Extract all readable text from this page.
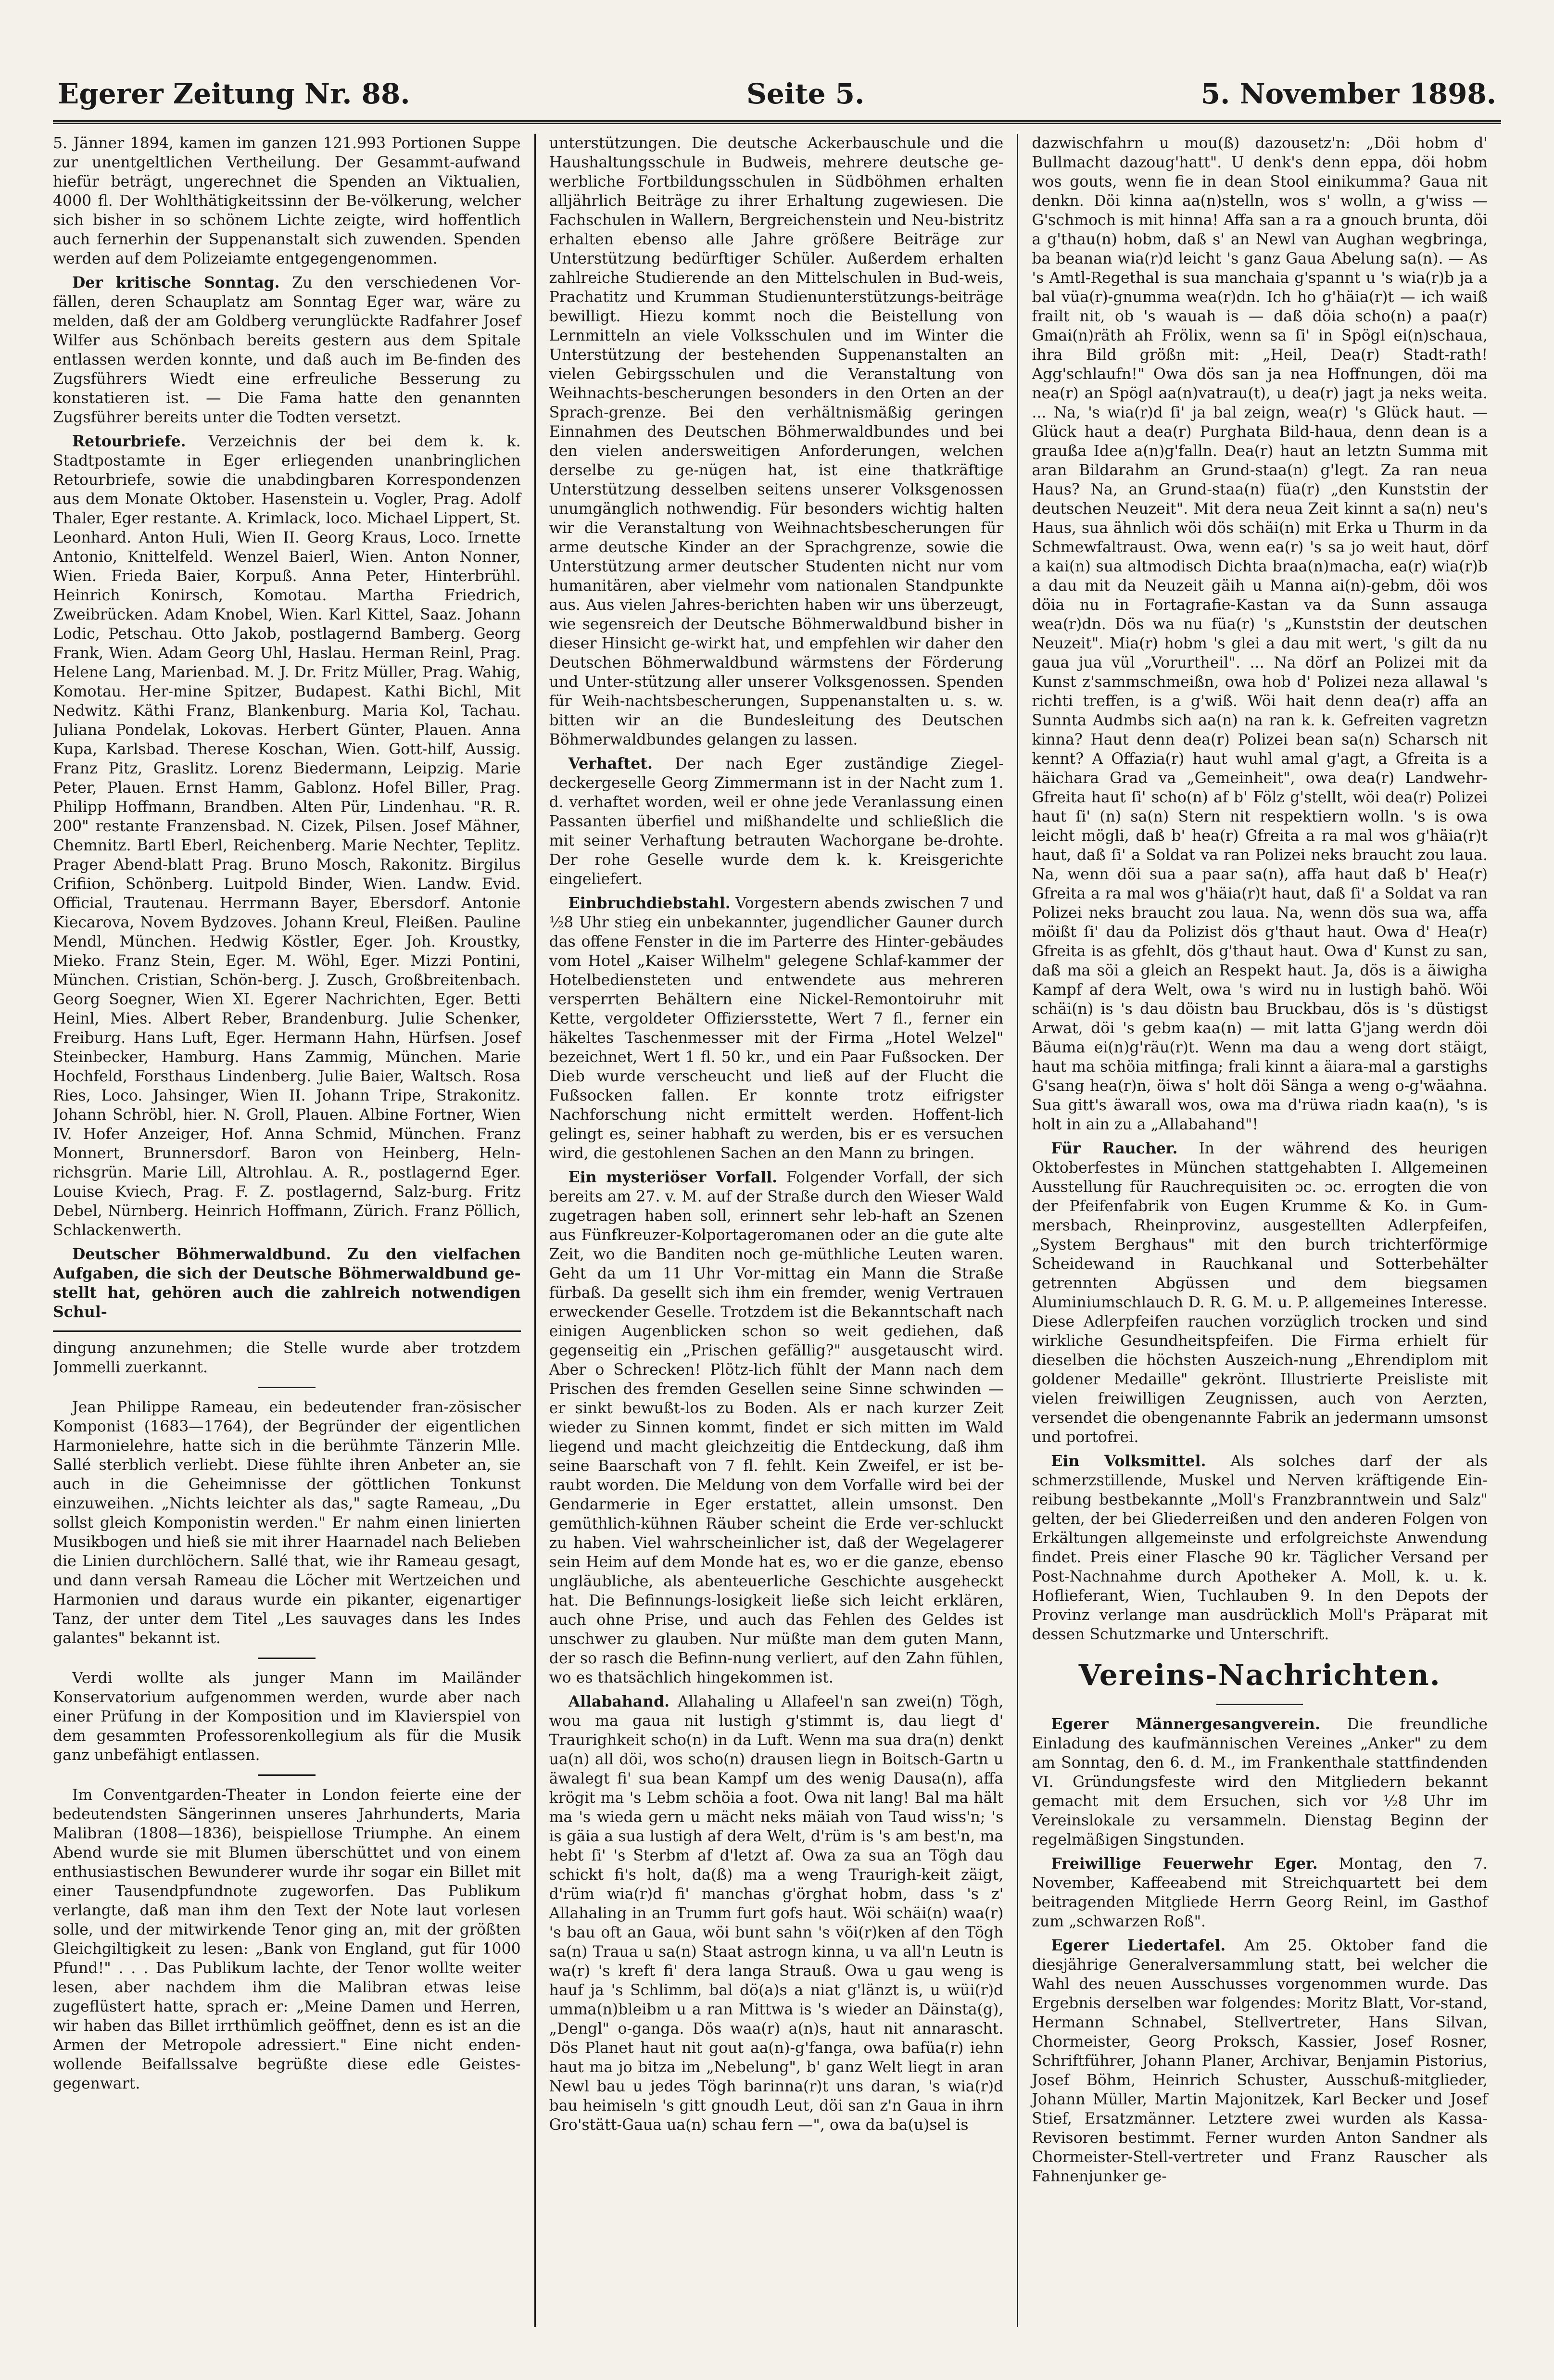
Egerer Zeitung Nr. 88.	Seite 5.	5. November 1898.

5. Jänner 1894, kamen im ganzen 121.993 Portionen Suppe zur unentgeltlichen Vertheilung. Der Gesammt-aufwand hiefür beträgt, ungerechnet die Spenden an Viktualien, 4000 fl. Der Wohlthätigkeitssinn der Be-völkerung, welcher sich bisher in so schönem Lichte zeigte, wird hoffentlich auch fernerhin der Suppenanstalt sich zuwenden. Spenden werden auf dem Polizeiamte entgegengenommen.

Der kritische Sonntag. Zu den verschiedenen Vor-fällen, deren Schauplatz am Sonntag Eger war, wäre zu melden, daß der am Goldberg verunglückte Radfahrer Josef Wilfer aus Schönbach bereits gestern aus dem Spitale entlassen werden konnte, und daß auch im Be-finden des Zugsführers Wiedt eine erfreuliche Besserung zu konstatieren ist. — Die Fama hatte den genannten Zugsführer bereits unter die Todten versetzt.

Retourbriefe. Verzeichnis der bei dem k. k. Stadtpostamte in Eger erliegenden unanbringlichen Retourbriefe, sowie die unabdingbaren Korrespondenzen aus dem Monate Oktober. Hasenstein u. Vogler, Prag. Adolf Thaler, Eger restante. A. Krimlack, loco. Michael Lippert, St. Leonhard. Anton Huli, Wien II. Georg Kraus, Loco. Irnette Antonio, Knittelfeld. Wenzel Baierl, Wien. Anton Nonner, Wien. Frieda Baier, Korpuß. Anna Peter, Hinterbrühl. Heinrich Konirsch, Komotau. Martha Friedrich, Zweibrücken. Adam Knobel, Wien. Karl Kittel, Saaz. Johann Lodic, Petschau. Otto Jakob, postlagernd Bamberg. Georg Frank, Wien. Adam Georg Uhl, Haslau. Herman Reinl, Prag. Helene Lang, Marienbad. M. J. Dr. Fritz Müller, Prag. Wahig, Komotau. Her-mine Spitzer, Budapest. Kathi Bichl, Mit Nedwitz. Käthi Franz, Blankenburg. Maria Kol, Tachau. Juliana Pondelak, Lokovas. Herbert Günter, Plauen. Anna Kupa, Karlsbad. Therese Koschan, Wien. Gott-hilf, Aussig. Franz Pitz, Graslitz. Lorenz Biedermann, Leipzig. Marie Peter, Plauen. Ernst Hamm, Gablonz. Hofel Biller, Prag. Philipp Hoffmann, Brandben. Alten Pür, Lindenhau. "R. R. 200" restante Franzensbad. N. Cizek, Pilsen. Josef Mähner, Chemnitz. Bartl Eberl, Reichenberg. Marie Nechter, Teplitz. Prager Abend-blatt Prag. Bruno Mosch, Rakonitz. Birgilus Crifiion, Schönberg. Luitpold Binder, Wien. Landw. Evid. Official, Trautenau. Herrmann Bayer, Ebersdorf. Antonie Kiecarova, Novem Bydzoves. Johann Kreul, Fleißen. Pauline Mendl, München. Hedwig Köstler, Eger. Joh. Kroustky, Mieko. Franz Stein, Eger. M. Wöhl, Eger. Mizzi Pontini, München. Cristian, Schön-berg. J. Zusch, Großbreitenbach. Georg Soegner, Wien XI. Egerer Nachrichten, Eger. Betti Heinl, Mies. Albert Reber, Brandenburg. Julie Schenker, Freiburg. Hans Luft, Eger. Hermann Hahn, Hürfsen. Josef Steinbecker, Hamburg. Hans Zammig, München. Marie Hochfeld, Forsthaus Lindenberg. Julie Baier, Waltsch. Rosa Ries, Loco. Jahsinger, Wien II. Johann Tripe, Strakonitz. Johann Schröbl, hier. N. Groll, Plauen. Albine Fortner, Wien IV. Hofer Anzeiger, Hof. Anna Schmid, München. Franz Monnert, Brunnersdorf. Baron von Heinberg, Heln-richsgrün. Marie Lill, Altrohlau. A. R., postlagernd Eger. Louise Kviech, Prag. F. Z. postlagernd, Salz-burg. Fritz Debel, Nürnberg. Heinrich Hoffmann, Zürich. Franz Pöllich, Schlackenwerth.

Deutscher Böhmerwaldbund. Zu den vielfachen Aufgaben, die sich der Deutsche Böhmerwaldbund ge-stellt hat, gehören auch die zahlreich notwendigen Schul-

dingung anzunehmen; die Stelle wurde aber trotzdem Jommelli zuerkannt.

Jean Philippe Rameau, ein bedeutender fran-zösischer Komponist (1683—1764), der Begründer der eigentlichen Harmonielehre, hatte sich in die berühmte Tänzerin Mlle. Sallé sterblich verliebt. Diese fühlte ihren Anbeter an, sie auch in die Geheimnisse der göttlichen Tonkunst einzuweihen. „Nichts leichter als das," sagte Rameau, „Du sollst gleich Komponistin werden." Er nahm einen linierten Musikbogen und hieß sie mit ihrer Haarnadel nach Belieben die Linien durchlöchern. Sallé that, wie ihr Rameau gesagt, und dann versah Rameau die Löcher mit Wertzeichen und Harmonien und daraus wurde ein pikanter, eigenartiger Tanz, der unter dem Titel „Les sauvages dans les Indes galantes" bekannt ist.

Verdi wollte als junger Mann im Mailänder Konservatorium aufgenommen werden, wurde aber nach einer Prüfung in der Komposition und im Klavierspiel von dem gesammten Professorenkollegium als für die Musik ganz unbefähigt entlassen.

Im Conventgarden-Theater in London feierte eine der bedeutendsten Sängerinnen unseres Jahrhunderts, Maria Malibran (1808—1836), beispiellose Triumphe. An einem Abend wurde sie mit Blumen überschüttet und von einem enthusiastischen Bewunderer wurde ihr sogar ein Billet mit einer Tausendpfundnote zugeworfen. Das Publikum verlangte, daß man ihm den Text der Note laut vorlesen solle, und der mitwirkende Tenor ging an, mit der größten Gleichgiltigkeit zu lesen: „Bank von England, gut für 1000 Pfund!" . . . Das Publikum lachte, der Tenor wollte weiter lesen, aber nachdem ihm die Malibran etwas leise zugeflüstert hatte, sprach er: „Meine Damen und Herren, wir haben das Billet irrthümlich geöffnet, denn es ist an die Armen der Metropole adressiert." Eine nicht enden-wollende Beifallssalve begrüßte diese edle Geistes-gegenwart.

unterstützungen. Die deutsche Ackerbauschule und die Haushaltungsschule in Budweis, mehrere deutsche ge-werbliche Fortbildungsschulen in Südböhmen erhalten alljährlich Beiträge zu ihrer Erhaltung zugewiesen. Die Fachschulen in Wallern, Bergreichenstein und Neu-bistritz erhalten ebenso alle Jahre größere Beiträge zur Unterstützung bedürftiger Schüler. Außerdem erhalten zahlreiche Studierende an den Mittelschulen in Bud-weis, Prachatitz und Krumman Studienunterstützungs-beiträge bewilligt. Hiezu kommt noch die Beistellung von Lernmitteln an viele Volksschulen und im Winter die Unterstützung der bestehenden Suppenanstalten an vielen Gebirgsschulen und die Veranstaltung von Weihnachts-bescherungen besonders in den Orten an der Sprach-grenze. Bei den verhältnismäßig geringen Einnahmen des Deutschen Böhmerwaldbundes und bei den vielen andersweitigen Anforderungen, welchen derselbe zu ge-nügen hat, ist eine thatkräftige Unterstützung desselben seitens unserer Volksgenossen unumgänglich nothwendig. Für besonders wichtig halten wir die Veranstaltung von Weihnachtsbescherungen für arme deutsche Kinder an der Sprachgrenze, sowie die Unterstützung armer deutscher Studenten nicht nur vom humanitären, aber vielmehr vom nationalen Standpunkte aus. Aus vielen Jahres-berichten haben wir uns überzeugt, wie segensreich der Deutsche Böhmerwaldbund bisher in dieser Hinsicht ge-wirkt hat, und empfehlen wir daher den Deutschen Böhmerwaldbund wärmstens der Förderung und Unter-stützung aller unserer Volksgenossen. Spenden für Weih-nachtsbescherungen, Suppenanstalten u. s. w. bitten wir an die Bundesleitung des Deutschen Böhmerwaldbundes gelangen zu lassen.

Verhaftet. Der nach Eger zuständige Ziegel-deckergeselle Georg Zimmermann ist in der Nacht zum 1. d. verhaftet worden, weil er ohne jede Veranlassung einen Passanten überfiel und mißhandelte und schließlich die mit seiner Verhaftung betrauten Wachorgane be-drohte. Der rohe Geselle wurde dem k. k. Kreisgerichte eingeliefert.

Einbruchdiebstahl. Vorgestern abends zwischen 7 und ½8 Uhr stieg ein unbekannter, jugendlicher Gauner durch das offene Fenster in die im Parterre des Hinter-gebäudes vom Hotel „Kaiser Wilhelm" gelegene Schlaf-kammer der Hotelbediensteten und entwendete aus mehreren versperrten Behältern eine Nickel-Remontoiruhr mit Kette, vergoldeter Offiziersstette, Wert 7 fl., ferner ein häkeltes Taschenmesser mit der Firma „Hotel Welzel" bezeichnet, Wert 1 fl. 50 kr., und ein Paar Fußsocken. Der Dieb wurde verscheucht und ließ auf der Flucht die Fußsocken fallen. Er konnte trotz eifrigster Nachforschung nicht ermittelt werden. Hoffent-lich gelingt es, seiner habhaft zu werden, bis er es versuchen wird, die gestohlenen Sachen an den Mann zu bringen.

Ein mysteriöser Vorfall. Folgender Vorfall, der sich bereits am 27. v. M. auf der Straße durch den Wieser Wald zugetragen haben soll, erinnert sehr leb-haft an Szenen aus Fünfkreuzer-Kolportageromanen oder an die gute alte Zeit, wo die Banditen noch ge-müthliche Leuten waren. Geht da um 11 Uhr Vor-mittag ein Mann die Straße fürbaß. Da gesellt sich ihm ein fremder, wenig Vertrauen erweckender Geselle. Trotzdem ist die Bekanntschaft nach einigen Augenblicken schon so weit gediehen, daß gegenseitig ein „Prischen gefällig?" ausgetauscht wird. Aber o Schrecken! Plötz-lich fühlt der Mann nach dem Prischen des fremden Gesellen seine Sinne schwinden — er sinkt bewußt-los zu Boden. Als er nach kurzer Zeit wieder zu Sinnen kommt, findet er sich mitten im Wald liegend und macht gleichzeitig die Entdeckung, daß ihm seine Baarschaft von 7 fl. fehlt. Kein Zweifel, er ist be-raubt worden. Die Meldung von dem Vorfalle wird bei der Gendarmerie in Eger erstattet, allein umsonst. Den gemüthlich-kühnen Räuber scheint die Erde ver-schluckt zu haben. Viel wahrscheinlicher ist, daß der Wegelagerer sein Heim auf dem Monde hat es, wo er die ganze, ebenso ungläubliche, als abenteuerliche Geschichte ausgeheckt hat. Die Befinnungs-losigkeit ließe sich leicht erklären, auch ohne Prise, und auch das Fehlen des Geldes ist unschwer zu glauben. Nur müßte man dem guten Mann, der so rasch die Befinn-nung verliert, auf den Zahn fühlen, wo es thatsächlich hingekommen ist.

Allabahand. Allahaling u Allafeel'n san zwei(n) Tögh, wou ma gaua nit lustigh g'stimmt is, dau liegt d' Traurighkeit scho(n) in da Luft. Wenn ma sua dra(n) denkt ua(n) all döi, wos scho(n) drausen liegn in Boitsch-Gartn u äwalegt fi' sua bean Kampf um des wenig Dausa(n), affa krögit ma 's Lebm schöia a foot. Owa nit lang! Bal ma hält ma 's wieda gern u mächt neks mäiah von Taud wiss'n; 's is gäia a sua lustigh af dera Welt, d'rüm is 's am best'n, ma hebt ſi' 's Sterbm af d'letzt af. Owa za sua an Tögh dau schickt fi's holt, da(ß) ma a weng Traurigh-keit zäigt, d'rüm wia(r)d fi' manchas g'örghat hobm, dass 's z' Allahaling in an Trumm furt gofs haut. Wöi schäi(n) waa(r) 's bau oft an Gaua, wöi bunt sahn 's vöi(r)ken af den Tögh sa(n) Traua u sa(n) Staat astrogn kinna, u va all'n Leutn is wa(r) 's kreft fi' dera langa Strauß. Owa u gau weng is hauf ja 's Schlimm, bal dö(a)s a niat g'länzt is, u wüi(r)d umma(n)bleibm u a ran Mittwa is 's wieder an Däinsta(g), „Dengl" o-ganga. Dös waa(r) a(n)s, haut nit annarascht. Dös Planet haut nit gout aa(n)-g'fanga, owa bafüa(r) iehn haut ma jo bitza im „Nebelung", b' ganz Welt liegt in aran Newl bau u jedes Tögh barinna(r)t uns daran, 's wia(r)d bau heimiseln 's gitt gnoudh Leut, döi san z'n Gaua in ihrn Gro'stätt-Gaua ua(n) schau fern —", owa da ba(u)sel is

dazwischfahrn u mou(ß) dazousetz'n: „Döi hobm d' Bullmacht dazoug'hatt". U denk's denn eppa, döi hobm wos gouts, wenn fie in dean Stool einikumma? Gaua nit denkn. Döi kinna aa(n)stelln, wos s' wolln, a g'wiss — G'schmoch is mit hinna! Affa san a ra a gnouch brunta, döi a g'thau(n) hobm, daß s' an Newl van Aughan wegbringa, ba beanan wia(r)d leicht 's ganz Gaua Abelung sa(n). — As 's Amtl-Regethal is sua manchaia g'spannt u 's wia(r)b ja a bal vüa(r)-gnumma wea(r)dn. Ich ho g'häia(r)t — ich waiß frailt nit, ob 's wauah is — daß döia scho(n) a paa(r) Gmai(n)räth ah Frölix, wenn sa ſi' in Spögl ei(n)schaua, ihra Bild größn mit: „Heil, Dea(r) Stadt-rath! Agg'schlaufn!" Owa dös san ja nea Hoffnungen, döi ma nea(r) an Spögl aa(n)vatrau(t), u dea(r) jagt ja neks weita. ... Na, 's wia(r)d ſi' ja bal zeign, wea(r) 's Glück haut. — Glück haut a dea(r) Purghata Bild-haua, denn dean is a graußa Idee a(n)g'falln. Dea(r) haut an letztn Summa mit aran Bildarahm an Grund-staa(n) g'legt. Za ran neua Haus? Na, an Grund-staa(n) füa(r) „den Kunststin der deutschen Neuzeit". Mit dera neua Zeit kinnt a sa(n) neu's Haus, sua ähnlich wöi dös schäi(n) mit Erka u Thurm in da Schmewfaltraust. Owa, wenn ea(r) 's sa jo weit haut, dörf a kai(n) sua altmodisch Dichta braa(n)macha, ea(r) wia(r)b a dau mit da Neuzeit gäih u Manna ai(n)-gebm, döi wos döia nu in Fortagrafie-Kastan va da Sunn assauga wea(r)dn. Dös wa nu füa(r) 's „Kunststin der deutschen Neuzeit". Mia(r) hobm 's glei a dau mit wert, 's gilt da nu gaua jua vül „Vorurtheil". ... Na dörf an Polizei mit da Kunst z'sammschmeißn, owa hob d' Polizei neza allawal 's richti treffen, is a g'wiß. Wöi hait denn dea(r) affa an Sunnta Audmbs sich aa(n) na ran k. k. Gefreiten vagretzn kinna? Haut denn dea(r) Polizei bean sa(n) Scharsch nit kennt? A Offazia(r) haut wuhl amal g'agt, a Gfreita is a häichara Grad va „Gemeinheit", owa dea(r) Landwehr-Gfreita haut ſi' scho(n) af b' Fölz g'stellt, wöi dea(r) Polizei haut ſi' (n) sa(n) Stern nit respektiern wolln. 's is owa leicht mögli, daß b' hea(r) Gfreita a ra mal wos g'häia(r)t haut, daß ſi' a Soldat va ran Polizei neks braucht zou laua. Na, wenn döi sua a paar sa(n), affa haut daß b' Hea(r) Gfreita a ra mal wos g'häia(r)t haut, daß ſi' a Soldat va ran Polizei neks braucht zou laua. Na, wenn dös sua wa, affa möißt ſi' dau da Polizist dös g'thaut haut. Owa d' Hea(r) Gfreita is as gfehlt, dös g'thaut haut. Owa d' Kunst zu san, daß ma söi a gleich an Respekt haut. Ja, dös is a äiwigha Kampf af dera Welt, owa 's wird nu in lustigh bahö. Wöi schäi(n) is 's dau döistn bau Bruckbau, dös is 's düstigst Arwat, döi 's gebm kaa(n) — mit latta G'jang werdn döi Bäuma ei(n)g'räu(r)t. Wenn ma dau a weng dort stäigt, haut ma schöia mitfinga; frali kinnt a äiara-mal a garstighs G'sang hea(r)n, öiwa s' holt döi Sänga a weng o-g'wäahna. Sua gitt's äwarall wos, owa ma d'rüwa riadn kaa(n), 's is holt in ain zu a „Allabahand"!

Für Raucher. In der während des heurigen Oktoberfestes in München stattgehabten I. Allgemeinen Ausstellung für Rauchrequisiten ɔc. ɔc. errogten die von der Pfeifenfabrik von Eugen Krumme & Ko. in Gum-mersbach, Rheinprovinz, ausgestellten Adlerpfeifen, „System Berghaus" mit den burch trichterförmige Scheidewand in Rauchkanal und Sotterbehälter getrennten Abgüssen und dem biegsamen Aluminiumschlauch D. R. G. M. u. P. allgemeines Interesse. Diese Adlerpfeifen rauchen vorzüglich trocken und sind wirkliche Gesundheitspfeifen. Die Firma erhielt für dieselben die höchsten Auszeich-nung „Ehrendiplom mit goldener Medaille" gekrönt. Illustrierte Preisliste mit vielen freiwilligen Zeugnissen, auch von Aerzten, versendet die obengenannte Fabrik an jedermann umsonst und portofrei.

Ein Volksmittel. Als solches darf der als schmerzstillende, Muskel und Nerven kräftigende Ein-reibung bestbekannte „Moll's Franzbranntwein und Salz" gelten, der bei Gliederreißen und den anderen Folgen von Erkältungen allgemeinste und erfolgreichste Anwendung findet. Preis einer Flasche 90 kr. Täglicher Versand per Post-Nachnahme durch Apotheker A. Moll, k. u. k. Hoflieferant, Wien, Tuchlauben 9. In den Depots der Provinz verlange man ausdrücklich Moll's Präparat mit dessen Schutzmarke und Unterschrift.

Vereins-Nachrichten.

Egerer Männergesangverein. Die freundliche Einladung des kaufmännischen Vereines „Anker" zu dem am Sonntag, den 6. d. M., im Frankenthale stattfindenden VI. Gründungsfeste wird den Mitgliedern bekannt gemacht mit dem Ersuchen, sich vor ½8 Uhr im Vereinslokale zu versammeln. Dienstag Beginn der regelmäßigen Singstunden.

Freiwillige Feuerwehr Eger. Montag, den 7. November, Kaffeeabend mit Streichquartett bei dem beitragenden Mitgliede Herrn Georg Reinl, im Gasthof zum „schwarzen Roß".

Egerer Liedertafel. Am 25. Oktober fand die diesjährige Generalversammlung statt, bei welcher die Wahl des neuen Ausschusses vorgenommen wurde. Das Ergebnis derselben war folgendes: Moritz Blatt, Vor-stand, Hermann Schnabel, Stellvertreter, Hans Silvan, Chormeister, Georg Proksch, Kassier, Josef Rosner, Schriftführer, Johann Planer, Archivar, Benjamin Pistorius, Josef Böhm, Heinrich Schuster, Ausschuß-mitglieder, Johann Müller, Martin Majonitzek, Karl Becker und Josef Stief, Ersatzmänner. Letztere zwei wurden als Kassa-Revisoren bestimmt. Ferner wurden Anton Sandner als Chormeister-Stell-vertreter und Franz Rauscher als Fahnenjunker ge-
